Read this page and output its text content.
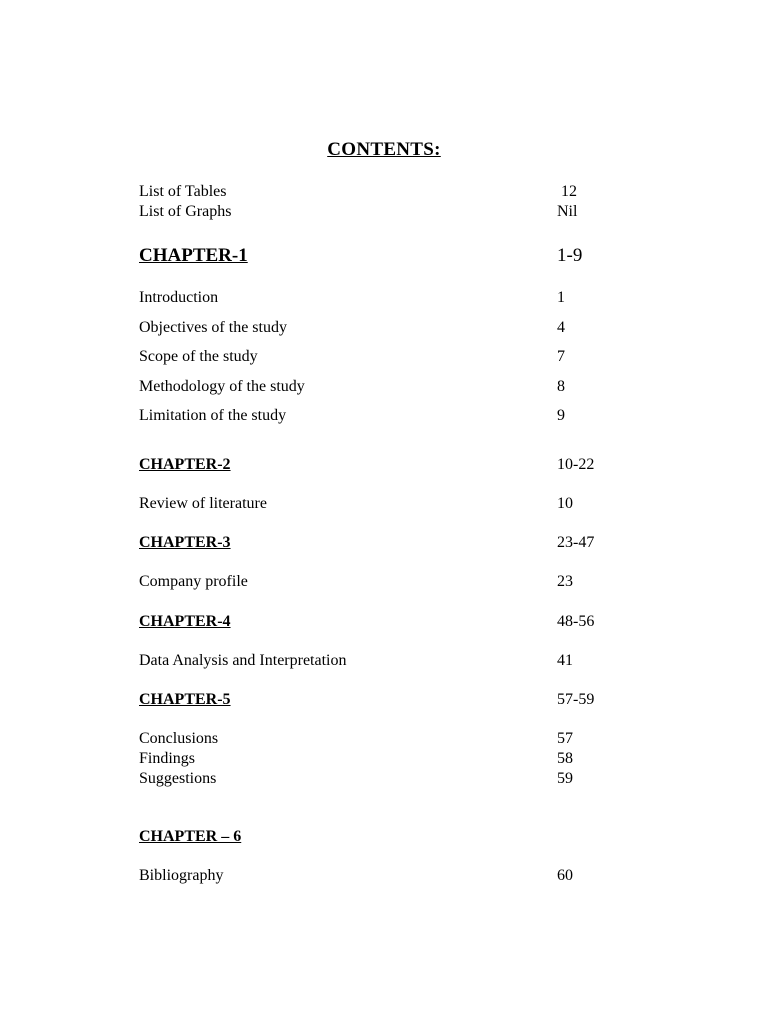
CONTENTS:
List of Tables	12
List of Graphs	Nil
CHAPTER-1	1-9
Introduction	1
Objectives of the study	4
Scope of the study	7
Methodology of the study	8
Limitation of the study	9
CHAPTER-2	10-22
Review of literature	10
CHAPTER-3	23-47
Company profile	23
CHAPTER-4	48-56
Data Analysis and Interpretation	41
CHAPTER-5	57-59
Conclusions	57
Findings	58
Suggestions	59
CHAPTER – 6
Bibliography	60
